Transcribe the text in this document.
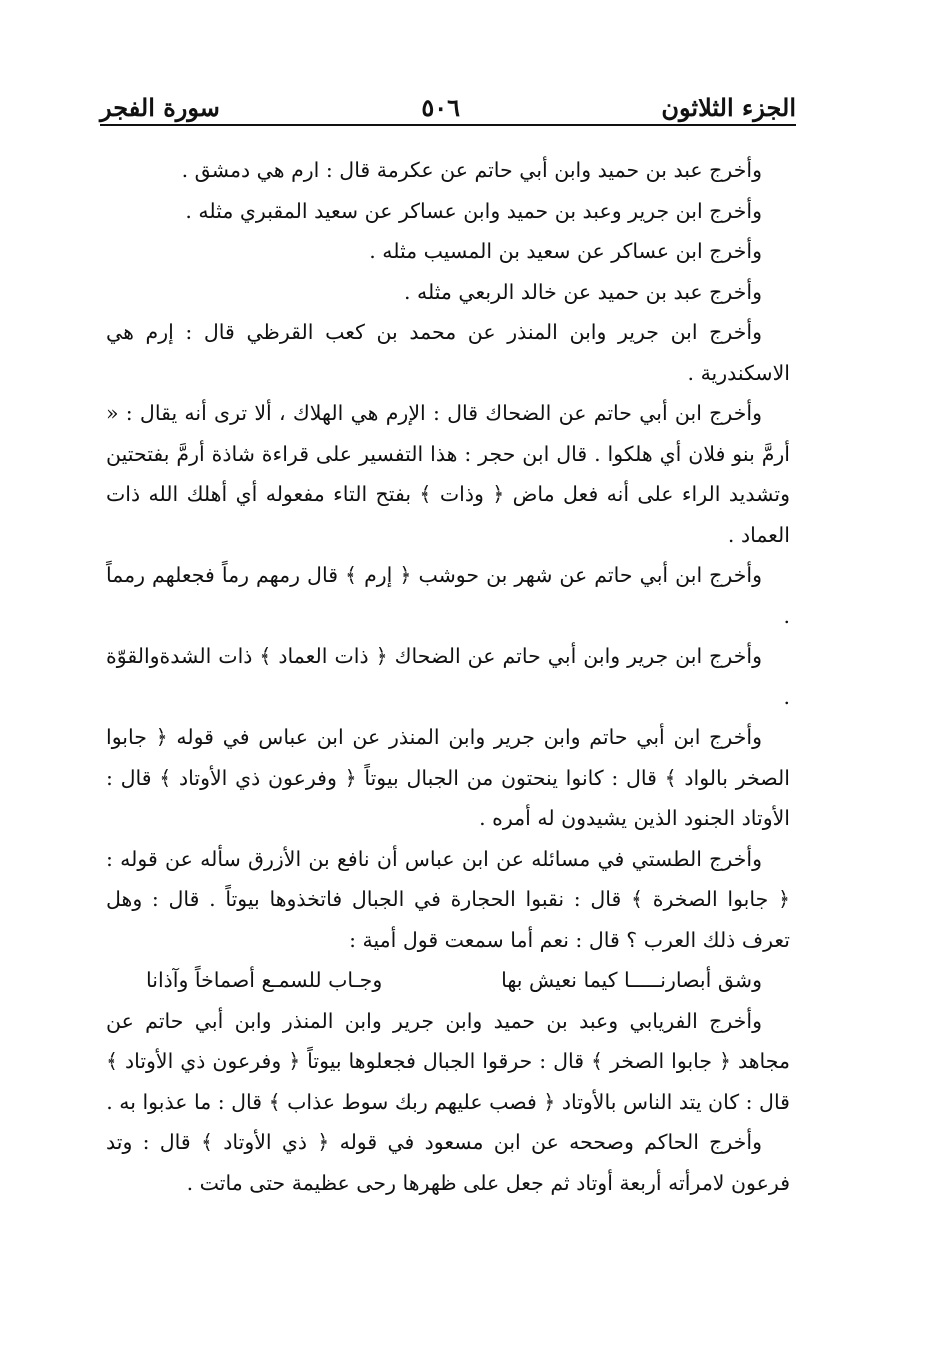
الجزء الثلاثون
٥٠٦
سورة الفجر

وأخرج عبد بن حميد وابن أبي حاتم عن عكرمة قال : ارم هي دمشق .

وأخرج ابن جرير وعبد بن حميد وابن عساكر عن سعيد المقبري مثله .

وأخرج ابن عساكر عن سعيد بن المسيب مثله .

وأخرج عبد بن حميد عن خالد الربعي مثله .

وأخرج ابن جرير وابن المنذر عن محمد بن كعب القرظي قال : إرم هي الاسكندرية .

وأخرج ابن أبي حاتم عن الضحاك قال : الإرم هي الهلاك ، ألا ترى أنه يقال : « أرمَّ بنو فلان أي هلكوا . قال ابن حجر : هذا التفسير على قراءة شاذة أرمَّ بفتحتين وتشديد الراء على أنه فعل ماض ﴿ وذات ﴾ بفتح التاء مفعوله أي أهلك الله ذات العماد .

وأخرج ابن أبي حاتم عن شهر بن حوشب ﴿ إرم ﴾ قال رمهم رماً فجعلهم رمماً .

وأخرج ابن جرير وابن أبي حاتم عن الضحاك ﴿ ذات العماد ﴾ ذات الشدةوالقوّة .

وأخرج ابن أبي حاتم وابن جرير وابن المنذر عن ابن عباس في قوله ﴿ جابوا الصخر بالواد ﴾ قال : كانوا ينحتون من الجبال بيوتاً ﴿ وفرعون ذي الأوتاد ﴾ قال : الأوتاد الجنود الذين يشيدون له أمره .

وأخرج الطستي في مسائله عن ابن عباس أن نافع بن الأزرق سأله عن قوله : ﴿ جابوا الصخرة ﴾ قال : نقبوا الحجارة في الجبال فاتخذوها بيوتاً . قال : وهل تعرف ذلك العرب ؟ قال : نعم أما سمعت قول أمية :

وشق أبصارنـــــا كيما نعيش بها
وجـاب للسمـع أصماخاً وآذانا

وأخرج الفريابي وعبد بن حميد وابن جرير وابن المنذر وابن أبي حاتم عن مجاهد ﴿ جابوا الصخر ﴾ قال : حرقوا الجبال فجعلوها بيوتاً ﴿ وفرعون ذي الأوتاد ﴾ قال : كان يتد الناس بالأوتاد ﴿ فصب عليهم ربك سوط عذاب ﴾ قال : ما عذبوا به .

وأخرج الحاكم وصححه عن ابن مسعود في قوله ﴿ ذي الأوتاد ﴾ قال : وتد فرعون لامرأته أربعة أوتاد ثم جعل على ظهرها رحى عظيمة حتى ماتت .
